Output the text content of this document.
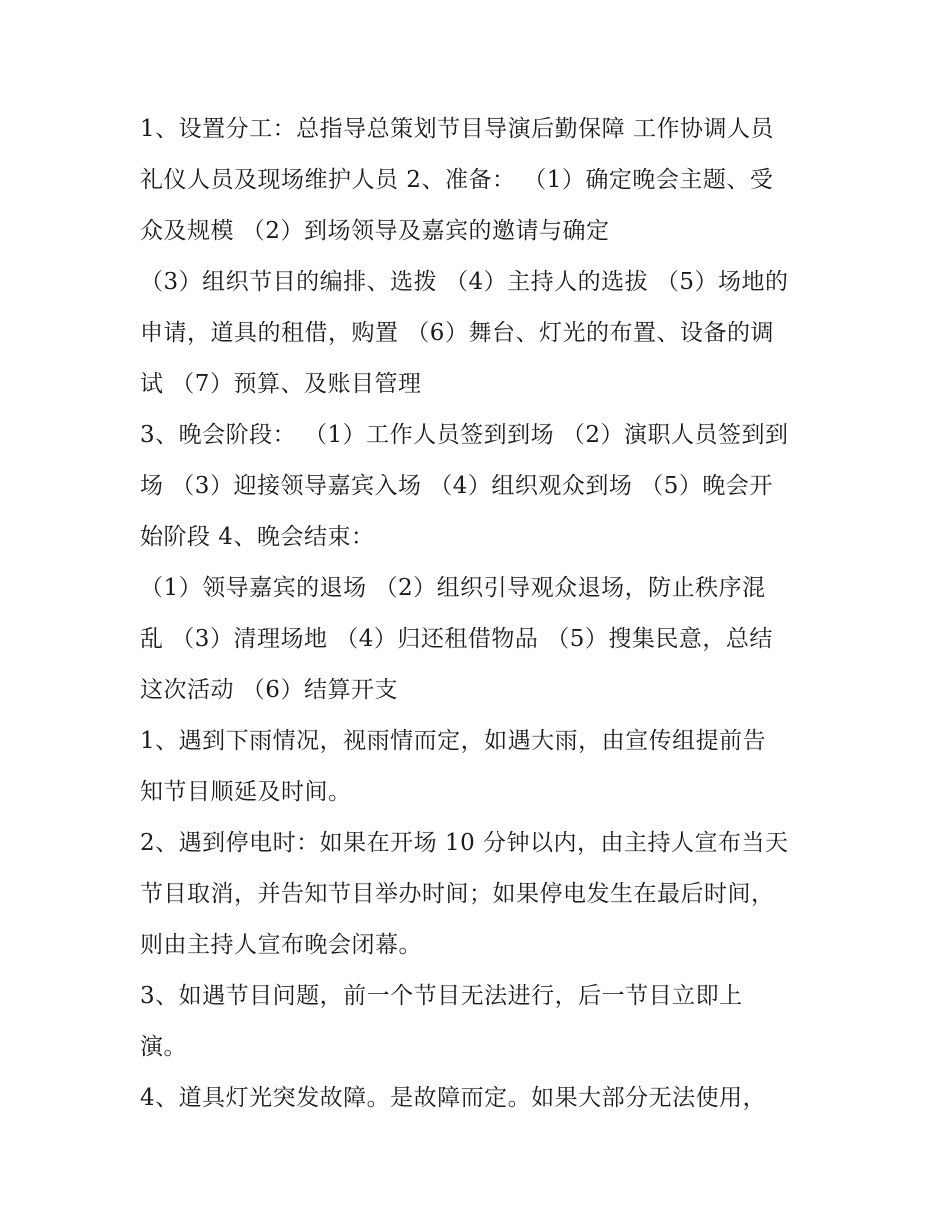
1、设置分工：总指导总策划节目导演后勤保障 工作协调人员
礼仪人员及现场维护人员 2、准备： （1）确定晚会主题、受
众及规模 （2）到场领导及嘉宾的邀请与确定
（3）组织节目的编排、选拨 （4）主持人的选拔 （5）场地的
申请，道具的租借，购置 （6）舞台、灯光的布置、设备的调
试 （7）预算、及账目管理
3、晚会阶段： （1）工作人员签到到场 （2）演职人员签到到
场 （3）迎接领导嘉宾入场 （4）组织观众到场 （5）晚会开
始阶段 4、晚会结束：
（1）领导嘉宾的退场 （2）组织引导观众退场，防止秩序混
乱 （3）清理场地 （4）归还租借物品 （5）搜集民意，总结
这次活动 （6）结算开支
1、遇到下雨情况，视雨情而定，如遇大雨，由宣传组提前告
知节目顺延及时间。
2、遇到停电时：如果在开场 10 分钟以内，由主持人宣布当天
节目取消，并告知节目举办时间；如果停电发生在最后时间，
则由主持人宣布晚会闭幕。
3、如遇节目问题，前一个节目无法进行，后一节目立即上
演。
4、道具灯光突发故障。是故障而定。如果大部分无法使用，
